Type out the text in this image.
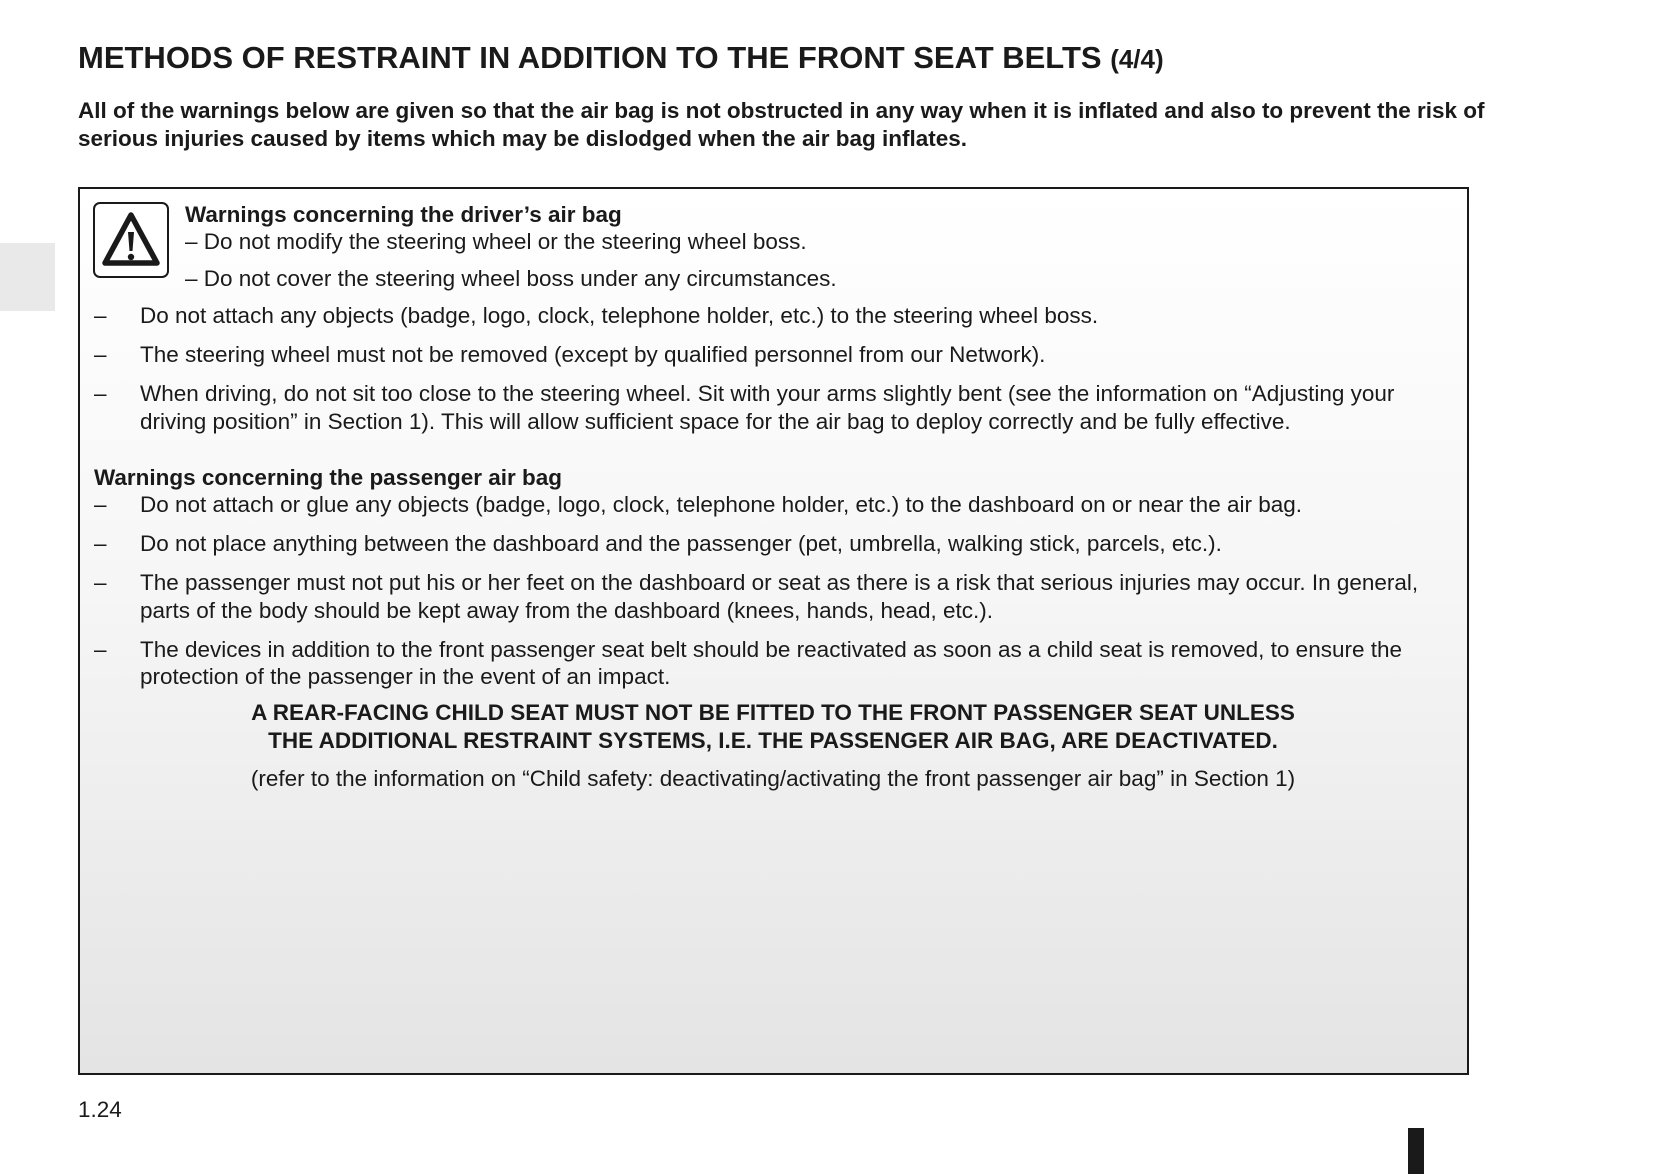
METHODS OF RESTRAINT IN ADDITION TO THE FRONT SEAT BELTS (4/4)

All of the warnings below are given so that the air bag is not obstructed in any way when it is inflated and also to prevent the risk of serious injuries caused by items which may be dislodged when the air bag inflates.

Warnings concerning the driver’s air bag

– Do not modify the steering wheel or the steering wheel boss.

– Do not cover the steering wheel boss under any circumstances.

– Do not attach any objects (badge, logo, clock, telephone holder, etc.) to the steering wheel boss.
– The steering wheel must not be removed (except by qualified personnel from our Network).
– When driving, do not sit too close to the steering wheel. Sit with your arms slightly bent (see the information on “Adjusting your driving position” in Section 1). This will allow sufficient space for the air bag to deploy correctly and be fully effective.

Warnings concerning the passenger air bag

– Do not attach or glue any objects (badge, logo, clock, telephone holder, etc.) to the dashboard on or near the air bag.
– Do not place anything between the dashboard and the passenger (pet, umbrella, walking stick, parcels, etc.).
– The passenger must not put his or her feet on the dashboard or seat as there is a risk that serious injuries may occur. In general, parts of the body should be kept away from the dashboard (knees, hands, head, etc.).
– The devices in addition to the front passenger seat belt should be reactivated as soon as a child seat is removed, to ensure the protection of the passenger in the event of an impact.

A REAR-FACING CHILD SEAT MUST NOT BE FITTED TO THE FRONT PASSENGER SEAT UNLESS
THE ADDITIONAL RESTRAINT SYSTEMS, I.E. THE PASSENGER AIR BAG, ARE DEACTIVATED.

(refer to the information on “Child safety: deactivating/activating the front passenger air bag” in Section 1)

1.24
